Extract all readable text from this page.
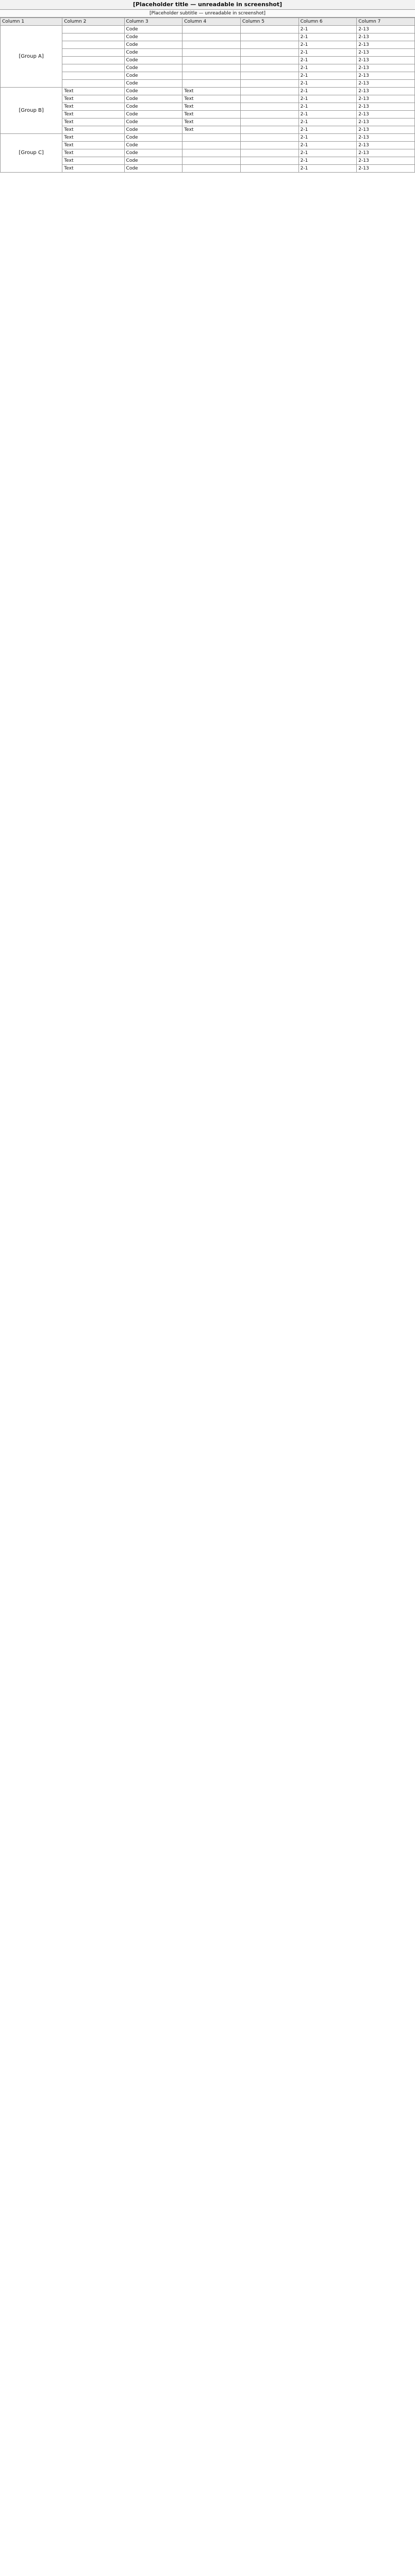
[Placeholder title — unreadable in screenshot]
[Placeholder subtitle — unreadable in screenshot]
Column 1	Column 2	Column 3	Column 4	Column 5	Column 6	Column 7
[Group A]		Code			2-1	2-13
		Code			2-1	2-13
		Code			2-1	2-13
		Code			2-1	2-13
		Code			2-1	2-13
		Code			2-1	2-13
		Code			2-1	2-13
		Code			2-1	2-13
[Group B]	Text	Code	Text		2-1	2-13
	Text	Code	Text		2-1	2-13
	Text	Code	Text		2-1	2-13
	Text	Code	Text		2-1	2-13
	Text	Code	Text		2-1	2-13
	Text	Code	Text		2-1	2-13
[Group C]	Text	Code			2-1	2-13
	Text	Code			2-1	2-13
	Text	Code			2-1	2-13
	Text	Code			2-1	2-13
	Text	Code			2-1	2-13
